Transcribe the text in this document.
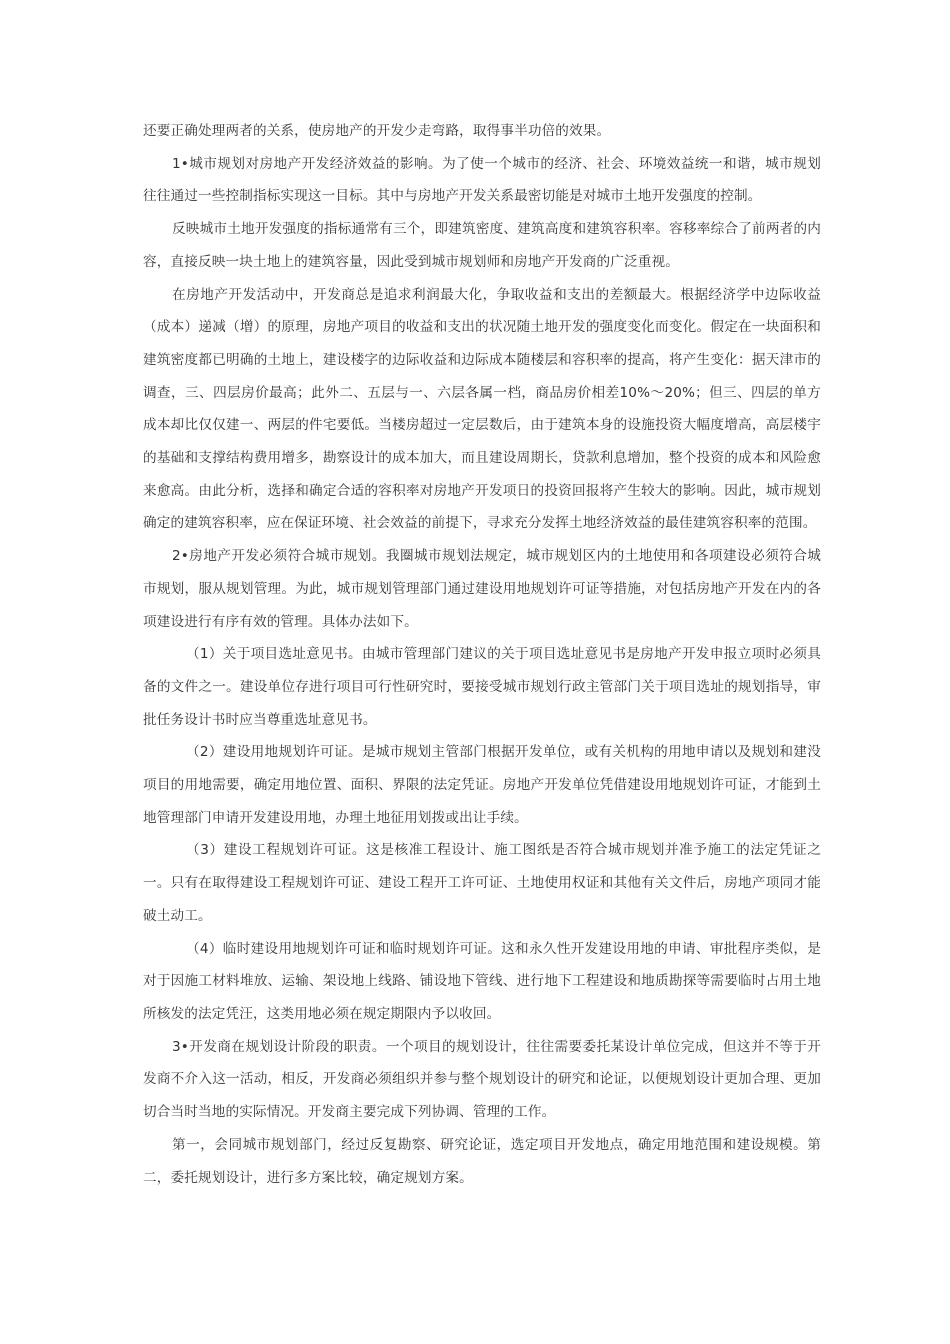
还要正确处理两者的关系，使房地产的开发少走弯路，取得事半功倍的效果。

1•城市规划对房地产开发经济效益的影响。为了使一个城市的经济、社会、环境效益统一和谐，城市规划往往通过一些控制指标实现这一目标。其中与房地产开发关系最密切能是对城市土地开发强度的控制。

反映城市土地开发强度的指标通常有三个，即建筑密度、建筑高度和建筑容积率。容移率综合了前两者的内容，直接反映一块土地上的建筑容量，因此受到城市规划师和房地产开发商的广泛重视。

在房地产开发活动中，开发商总是追求利润最大化，争取收益和支出的差额最大。根据经济学中边际收益（成本）递减（增）的原理，房地产项目的收益和支出的状况随土地开发的强度变化而变化。假定在一块面积和建筑密度都已明确的土地上，建设楼字的边际收益和边际成本随楼层和容积率的提高，将产生变化：据天津市的调查，三、四层房价最高；此外二、五层与一、六层各属一档，商品房价相差10%〜20%；但三、四层的单方成本却比仅仅建一、两层的件宅要低。当楼房超过一定层数后，由于建筑本身的设施投资大幅度增高，高层楼宇的基础和支撑结构费用增多，勘察设计的成本加大，而且建设周期长，贷款利息增加，整个投资的成本和风险愈来愈高。由此分析，选择和确定合适的容积率对房地产开发项日的投资回报将产生较大的影响。因此，城市规划确定的建筑容积率，应在保证环境、社会效益的前提下，寻求充分发挥土地经济效益的最佳建筑容积率的范围。

2•房地产开发必须符合城市规划。我圈城市规划法规定，城市规划区内的土地使用和各项建设必须符合城市规划，服从规划管理。为此，城市规划管理部门通过建设用地规划许可证等措施，对包括房地产开发在内的各项建设进行有序有效的管理。具体办法如下。

（1）关于项目选址意见书。由城市管理部门建议的关于项目选址意见书是房地产开发申报立项时必须具备的文件之一。建设单位存进行项目可行性研究时，要接受城市规划行政主管部门关于项目选址的规划指导，审批任务设计书时应当尊重选址意见书。

（2）建设用地规划许可证。是城市规划主管部门根据开发单位，或有关机构的用地申请以及规划和建没项目的用地需要，确定用地位置、面积、界限的法定凭证。房地产开发单位凭借建设用地规划许可证，才能到土地管理部门申请开发建设用地，办理土地征用划拨或出让手续。

（3）建设工程规划许可证。这是核准工程设计、施工图纸是否符合城市规划并准予施工的法定凭证之一。只有在取得建设工程规划许可证、建设工程开工许可证、土地使用权证和其他有关文件后，房地产项同才能破土动工。

（4）临时建设用地规划许可证和临时规划许可证。这和永久性开发建设用地的申请、审批程序类似，是对于因施工材料堆放、运输、架设地上线路、铺设地下管线、进行地下工程建设和地质勘探等需要临时占用土地所核发的法定凭汪，这类用地必须在规定期限内予以收回。

3•开发商在规划设计阶段的职责。一个项目的规划设计，往往需要委托某设计单位完成，但这并不等于开发商不介入这一活动，相反，开发商必须组织并参与整个规划设计的研究和论证，以便规划设计更加合理、更加切合当时当地的实际情况。开发商主要完成下列协调、管理的工作。

第一，会同城市规划部门，经过反复勘察、研究论证，选定项目开发地点，确定用地范围和建设规模。第二，委托规划设计，进行多方案比较，确定规划方案。
